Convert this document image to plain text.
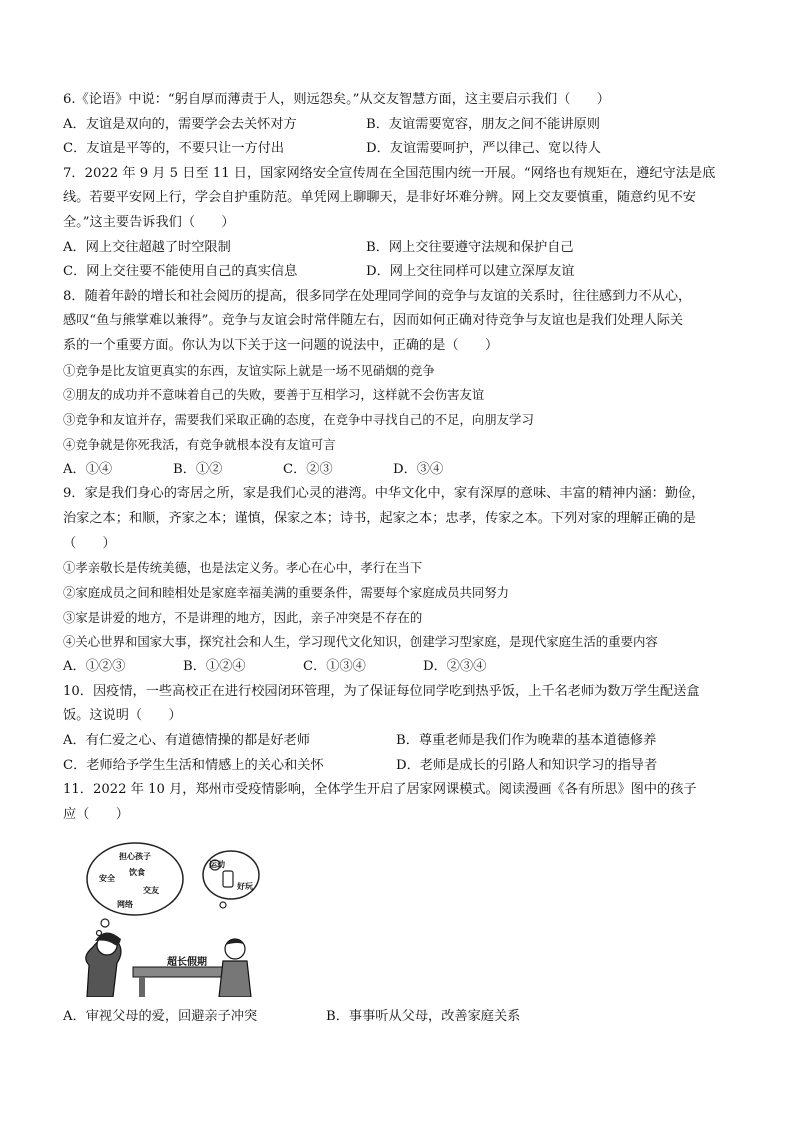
6.《论语》中说：“躬自厚而薄责于人，则远怨矣。”从交友智慧方面，这主要启示我们（　　）
A．友谊是双向的，需要学会去关怀对方	B．友谊需要宽容，朋友之间不能讲原则
C．友谊是平等的，不要只让一方付出	D．友谊需要呵护，严以律己、宽以待人
7．2022 年 9 月 5 日至 11 日，国家网络安全宣传周在全国范围内统一开展。“网络也有规矩在，遵纪守法是底
线。若要平安网上行，学会自护重防范。单凭网上聊聊天，是非好坏难分辨。网上交友要慎重，随意约见不安
全。”这主要告诉我们（　　）
A．网上交往超越了时空限制	B．网上交往要遵守法规和保护自己
C．网上交往要不能使用自己的真实信息	D．网上交往同样可以建立深厚友谊
8．随着年龄的增长和社会阅历的提高，很多同学在处理同学间的竞争与友谊的关系时，往往感到力不从心，
感叹“鱼与熊掌难以兼得”。竞争与友谊会时常伴随左右，因而如何正确对待竞争与友谊也是我们处理人际关
系的一个重要方面。你认为以下关于这一问题的说法中，正确的是（　　）
①竞争是比友谊更真实的东西，友谊实际上就是一场不见硝烟的竞争
②朋友的成功并不意味着自己的失败，要善于互相学习，这样就不会伤害友谊
③竞争和友谊并存，需要我们采取正确的态度，在竞争中寻找自己的不足，向朋友学习
④竞争就是你死我活，有竞争就根本没有友谊可言
A．①④	B．①②	C．②③	D．③④
9．家是我们身心的寄居之所，家是我们心灵的港湾。中华文化中，家有深厚的意味、丰富的精神内涵：勤俭，
治家之本；和顺，齐家之本；谨慎，保家之本；诗书，起家之本；忠孝，传家之本。下列对家的理解正确的是
（　　）
①孝亲敬长是传统美德，也是法定义务。孝心在心中，孝行在当下
②家庭成员之间和睦相处是家庭幸福美满的重要条件，需要每个家庭成员共同努力
③家是讲爱的地方，不是讲理的地方，因此，亲子冲突是不存在的
④关心世界和国家大事，探究社会和人生，学习现代文化知识，创建学习型家庭，是现代家庭生活的重要内容
A．①②③	B．①②④	C．①③④	D．②③④
10．因疫情，一些高校正在进行校园闭环管理，为了保证每位同学吃到热乎饭，上千名老师为数万学生配送盒
饭。这说明（　　）
A．有仁爱之心、有道德情操的都是好老师	B．尊重老师是我们作为晚辈的基本道德修养
C．老师给予学生生活和情感上的关心和关怀	D．老师是成长的引路人和知识学习的指导者
11．2022 年 10 月，郑州市受疫情影响，全体学生开启了居家网课模式。阅读漫画《各有所思》图中的孩子
应（　　）
担心孩子
安全
交友
网络
饮食
运动
好玩
超长假期
A．审视父母的爱，回避亲子冲突	B．事事听从父母，改善家庭关系
